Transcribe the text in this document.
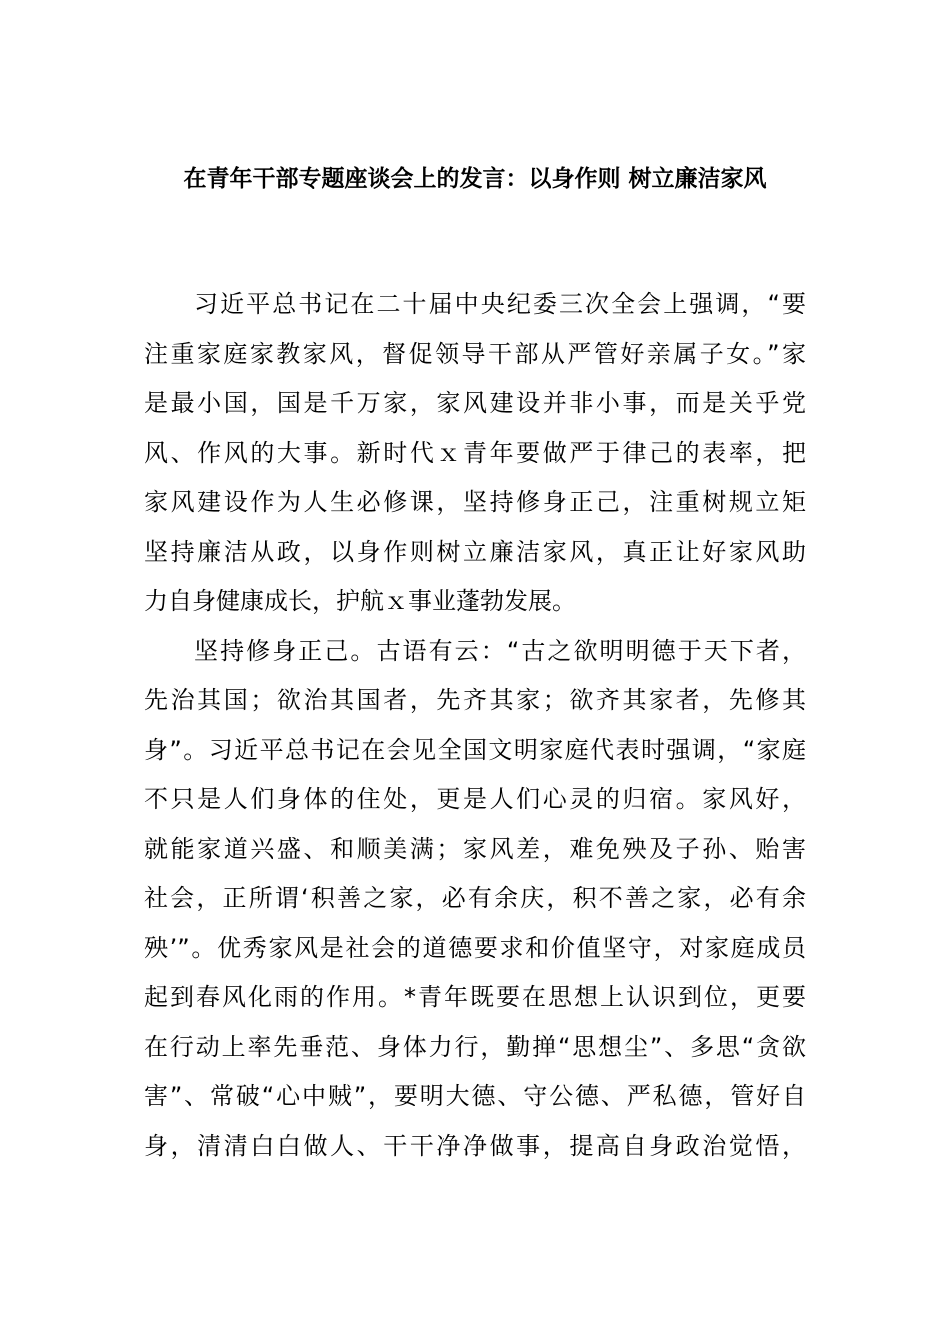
在青年干部专题座谈会上的发言：以身作则 树立廉洁家风
习近平总书记在二十届中央纪委三次全会上强调，“要
注重家庭家教家风，督促领导干部从严管好亲属子女。”家
是最小国，国是千万家，家风建设并非小事，而是关乎党
风、作风的大事。新时代ｘ青年要做严于律己的表率，把
家风建设作为人生必修课，坚持修身正己，注重树规立矩
坚持廉洁从政，以身作则树立廉洁家风，真正让好家风助
力自身健康成长，护航ｘ事业蓬勃发展。
坚持修身正己。古语有云：“古之欲明明德于天下者，
先治其国；欲治其国者，先齐其家；欲齐其家者，先修其
身”。习近平总书记在会见全国文明家庭代表时强调，“家庭
不只是人们身体的住处，更是人们心灵的归宿。家风好，
就能家道兴盛、和顺美满；家风差，难免殃及子孙、贻害
社会，正所谓‘积善之家，必有余庆，积不善之家，必有余
殃’”。优秀家风是社会的道德要求和价值坚守，对家庭成员
起到春风化雨的作用。*青年既要在思想上认识到位，更要
在行动上率先垂范、身体力行，勤掸“思想尘”、多思“贪欲
害”、常破“心中贼”，要明大德、守公德、严私德，管好自
身，清清白白做人、干干净净做事，提高自身政治觉悟，
